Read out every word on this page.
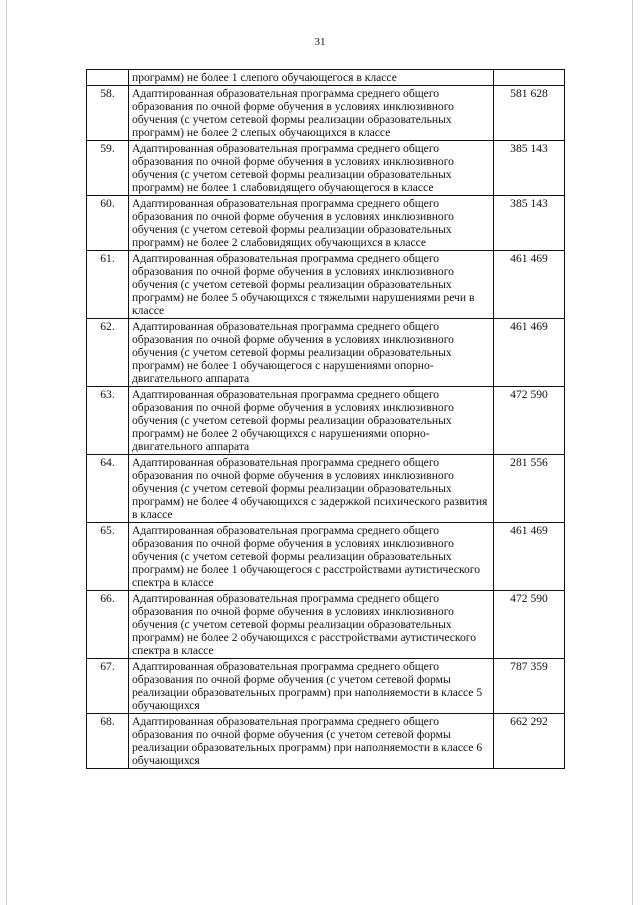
31
	программ) не более 1 слепого обучающегося в классе	
58.	Адаптированная образовательная программа среднего общего образования по очной форме обучения в условиях инклюзивного обучения (с учетом сетевой формы реализации образовательных программ) не более 2 слепых обучающихся в классе	581 628
59.	Адаптированная образовательная программа среднего общего образования по очной форме обучения в условиях инклюзивного обучения (с учетом сетевой формы реализации образовательных программ) не более 1 слабовидящего обучающегося в классе	385 143
60.	Адаптированная образовательная программа среднего общего образования по очной форме обучения в условиях инклюзивного обучения (с учетом сетевой формы реализации образовательных программ) не более 2 слабовидящих обучающихся в классе	385 143
61.	Адаптированная образовательная программа среднего общего образования по очной форме обучения в условиях инклюзивного обучения (с учетом сетевой формы реализации образовательных программ) не более 5 обучающихся с тяжелыми нарушениями речи в классе	461 469
62.	Адаптированная образовательная программа среднего общего образования по очной форме обучения в условиях инклюзивного обучения (с учетом сетевой формы реализации образовательных программ) не более 1 обучающегося с нарушениями опорно-двигательного аппарата	461 469
63.	Адаптированная образовательная программа среднего общего образования по очной форме обучения в условиях инклюзивного обучения (с учетом сетевой формы реализации образовательных программ) не более 2 обучающихся с нарушениями опорно-двигательного аппарата	472 590
64.	Адаптированная образовательная программа среднего общего образования по очной форме обучения в условиях инклюзивного обучения (с учетом сетевой формы реализации образовательных программ) не более 4 обучающихся с задержкой психического развития в классе	281 556
65.	Адаптированная образовательная программа среднего общего образования по очной форме обучения в условиях инклюзивного обучения (с учетом сетевой формы реализации образовательных программ) не более 1 обучающегося с расстройствами аутистического спектра в классе	461 469
66.	Адаптированная образовательная программа среднего общего образования по очной форме обучения в условиях инклюзивного обучения (с учетом сетевой формы реализации образовательных программ) не более 2 обучающихся с расстройствами аутистического спектра в классе	472 590
67.	Адаптированная образовательная программа среднего общего образования по очной форме обучения (с учетом сетевой формы реализации образовательных программ) при наполняемости в классе 5 обучающихся	787 359
68.	Адаптированная образовательная программа среднего общего образования по очной форме обучения (с учетом сетевой формы реализации образовательных программ) при наполняемости в классе 6 обучающихся	662 292
